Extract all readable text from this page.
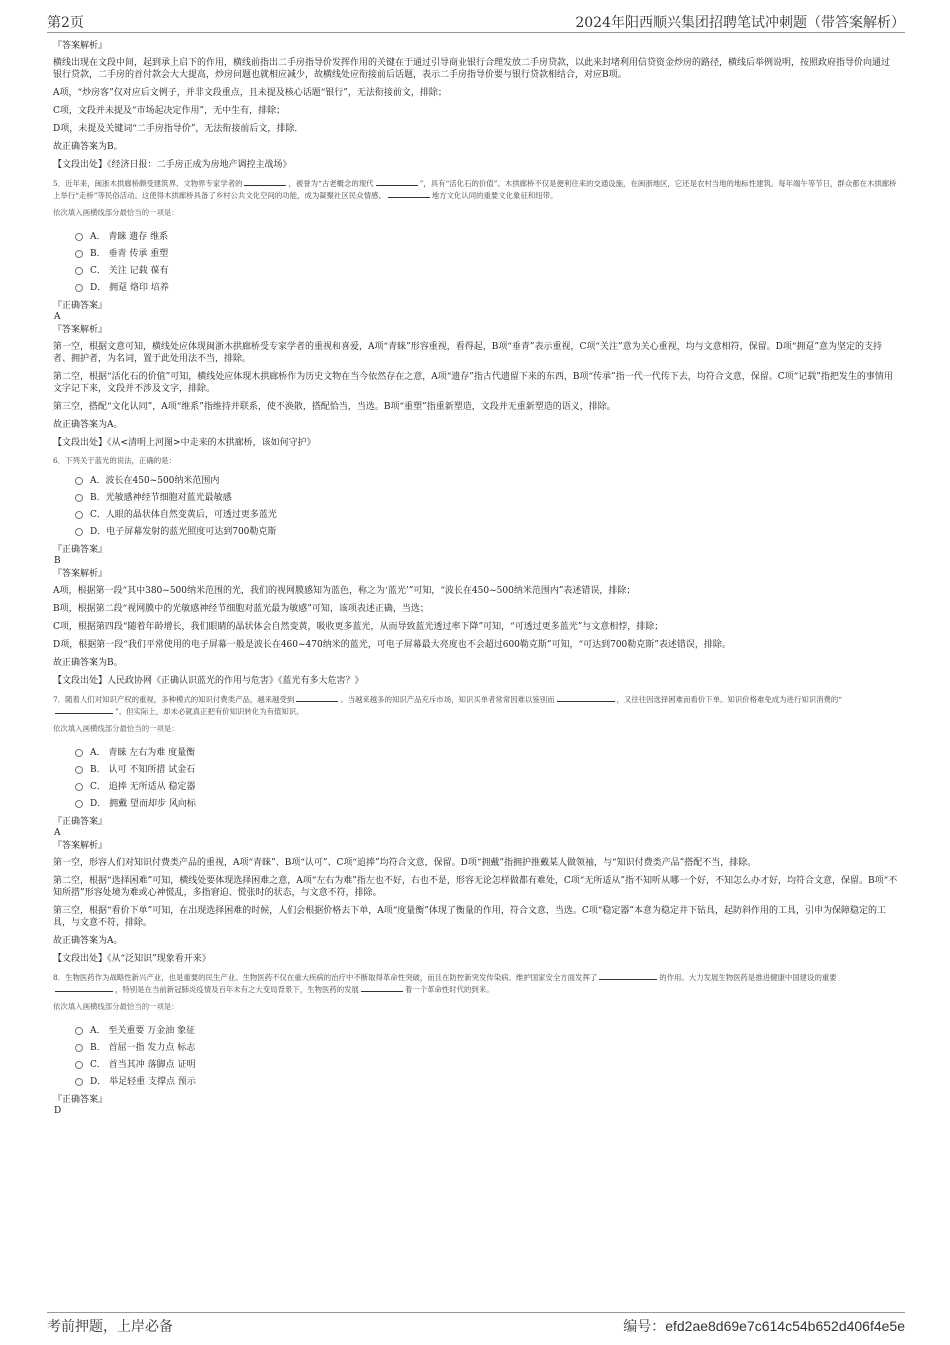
第2页	2024年阳西顺兴集团招聘笔试冲刺题（带答案解析）

『答案解析』

横线出现在文段中间，起到承上启下的作用，横线前指出二手房指导价发挥作用的关键在于通过引导商业银行合理发放二手房贷款，以此来封堵利用信贷资金炒房的路径，横线后举例说明，按照政府指导价向通过银行贷款，二手房的首付款会大大提高，炒房问题也就相应减少，故横线处应衔接前后话题，表示二手房指导价要与银行贷款相结合，对应B项。

A项，“炒房客”仅对应后文例子，并非文段重点，且未提及核心话题“银行”，无法衔接前文，排除；

C项，文段并未提及“市场起决定作用”，无中生有，排除；

D项，未提及关键词“二手房指导价”，无法衔接前后文，排除．

故正确答案为B。

【文段出处】《经济日报：二手房正成为房地产调控主战场》

5．近年来，闽浙木拱廊桥颇受建筑界、文物界专家学者的	，被誉为“古老概念的现代	”，具有“活化石的价值”。木拱廊桥不仅是便利往来的交通设施，在闽浙地区，它还是农村当地的地标性建筑。每年端午等节日，群众都在木拱廊桥上举行“走桥”等民俗活动。这使得木拱廊桥具备了乡村公共文化空间的功能，成为凝聚社区民众情感、	地方文化认同的重要文化象征和纽带。

依次填入画横线部分最恰当的一项是：

A．
青睐 遗存 维系
B．
垂青 传承 重塑
C．
关注 记载 葆有
D．
拥趸 烙印 培养

『正确答案』

A

『答案解析』

第一空，根据文意可知，横线处应体现闽浙木拱廊桥受专家学者的重视和喜爱，A项“青睐”形容重视，看得起，B项“垂青”表示重视，C项“关注”意为关心重视，均与文意相符，保留。D项“拥趸”意为坚定的支持者、拥护者，为名词，置于此处用法不当，排除。

第二空，根据“活化石的价值”可知，横线处应体现木拱廊桥作为历史文物在当今依然存在之意，A项“遗存”指古代遗留下来的东西，B项“传承”指一代一代传下去，均符合文意，保留。C项“记载”指把发生的事情用文字记下来，文段并不涉及文字，排除。

第三空，搭配“文化认同”，A项“维系”指维持并联系，使不涣散，搭配恰当，当选。B项“重塑”指重新塑造，文段并无重新塑造的语义，排除。

故正确答案为A。

【文段出处】《从<清明上河图>中走来的木拱廊桥，该如何守护》

6．下列关于蓝光的说法，正确的是：

A． 波长在450~500纳米范围内
B． 光敏感神经节细胞对蓝光最敏感
C． 人眼的晶状体自然变黄后，可透过更多蓝光
D． 电子屏幕发射的蓝光照度可达到700勒克斯

『正确答案』

B

『答案解析』

A项，根据第一段“其中380~500纳米范围的光，我们的视网膜感知为蓝色，称之为‘蓝光’”可知，“波长在450~500纳米范围内”表述错误，排除；

B项，根据第二段“视网膜中的光敏感神经节细胞对蓝光最为敏感”可知，该项表述正确，当选；

C项，根据第四段“随着年龄增长，我们眼睛的晶状体会自然变黄，吸收更多蓝光，从而导致蓝光透过率下降”可知，“可透过更多蓝光”与文意相悖，排除；

D项，根据第一段“我们平常使用的电子屏幕一般是波长在460~470纳米的蓝光，可电子屏幕最大亮度也不会超过600勒克斯”可知，“可达到700勒克斯”表述错误，排除。

故正确答案为B。

【文段出处】人民政协网《正确认识蓝光的作用与危害》《蓝光有多大危害？》

7．随着人们对知识产权的重视，多种模式的知识付费类产品，越来越受到	。当越来越多的知识产品充斥市场，知识买单者常常因难以鉴别而	，又往往因选择困难而看价下单。知识价格难免成为进行知识消费的“”。但实际上，却未必就真正把有价知识转化为有值知识。

依次填入画横线部分最恰当的一项是：

A．
青睐 左右为难 度量衡
B．
认可 不知所措 试金石
C．
追捧 无所适从 稳定器
D．
拥戴 望而却步 风向标

『正确答案』

A

『答案解析』

第一空，形容人们对知识付费类产品的重视，A项“青睐”、B项“认可”、C项“追捧”均符合文意，保留。D项“拥戴”指拥护推戴某人做领袖，与“知识付费类产品”搭配不当，排除。

第二空，根据“选择困难”可知，横线处要体现选择困难之意，A项“左右为难”指左也不好，右也不是，形容无论怎样做都有难处，C项“无所适从”指不知听从哪一个好，不知怎么办才好，均符合文意，保留。B项“不知所措”形容处境为难或心神慌乱，多指窘迫、慌张时的状态，与文意不符，排除。

第三空，根据“看价下单”可知，在出现选择困难的时候，人们会根据价格去下单，A项“度量衡”体现了衡量的作用，符合文意，当选。C项“稳定器”本意为稳定井下钻具，起防斜作用的工具，引申为保障稳定的工具，与文意不符，排除。

故正确答案为A。

【文段出处】《从“泛知识”现象看开来》

8．生物医药作为战略性新兴产业，也是重要的民生产业。生物医药不仅在重大疾病的治疗中不断取得革命性突破，而且在防控新突发传染病、维护国家安全方面发挥了	的作用。大力发展生物医药是推进健康中国建设的重要，特别是在当前新冠肺炎疫情及百年未有之大变局背景下，生物医药的发展	着一个革命性时代的到来。

依次填入画横线部分最恰当的一项是：

A．
至关重要 万金油 象征
B．
首屈一指 发力点 标志
C．
首当其冲 落脚点 证明
D．
举足轻重 支撑点 预示

『正确答案』

D

考前押题，上岸必备	编号：efd2ae8d69e7c614c54b652d406f4e5e
